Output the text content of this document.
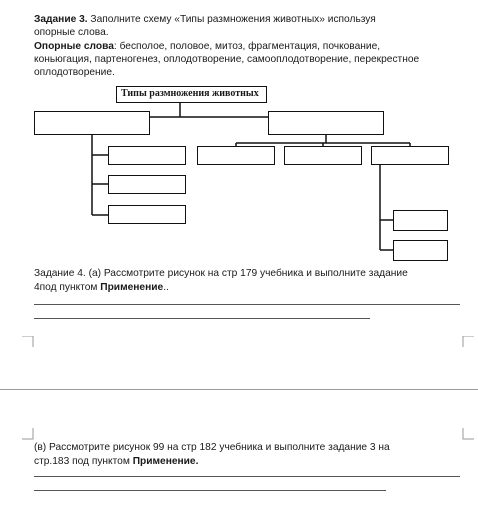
Задание 3. Заполните схему «Типы размножения животных» используя
опорные слова.
Опорные слова: бесполое, половое, митоз, фрагментация, почкование,
коньюгация, партеногенез, оплодотворение, самооплодотворение, перекрестное
оплодотворение.
Типы размножения животных
Задание 4. (а) Рассмотрите рисунок на стр 179 учебника и выполните задание
4под пунктом Применение..
(в) Рассмотрите рисунок 99 на стр 182 учебника и выполните задание 3 на
стр.183 под пунктом Применение.
